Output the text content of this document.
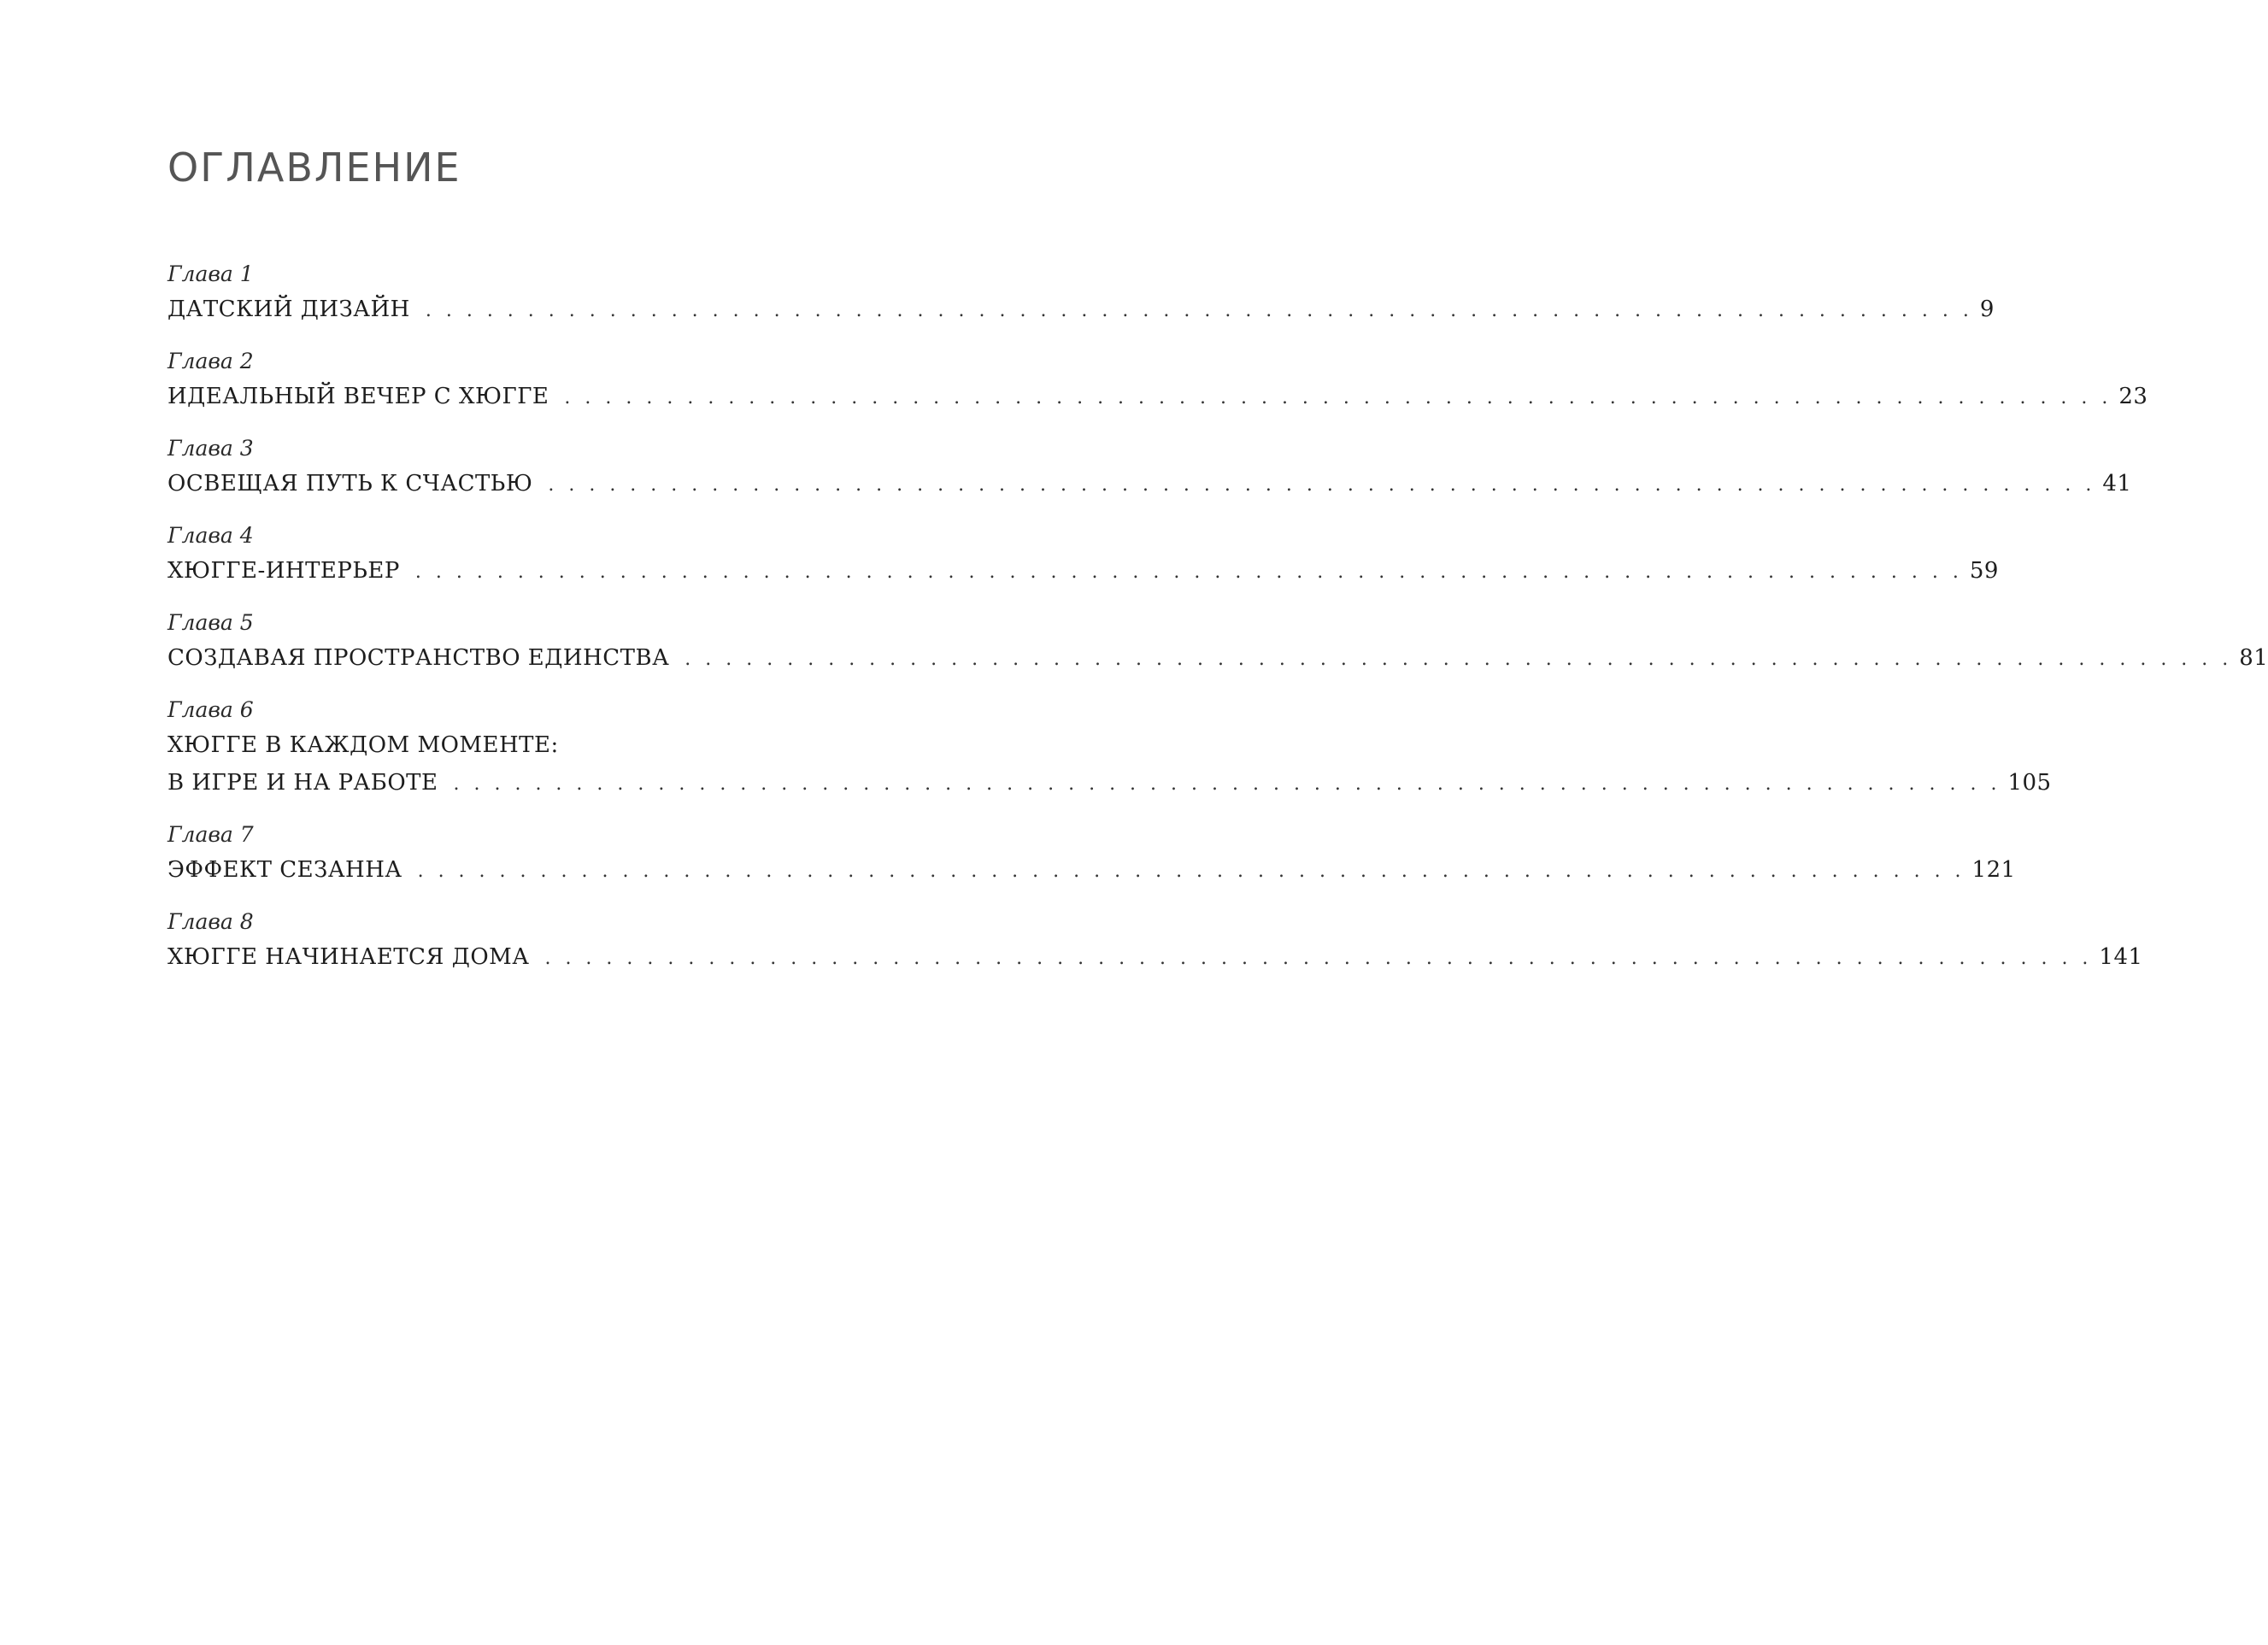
ОГЛАВЛЕНИЕ
Глава 1
ДАТСКИЙ ДИЗАЙН . . . . . . . . . . . . . . . . . . . . . . . . . . . . . . . . . . . . . . . . . . . . . . . . . . . . . . . . . . . . . . . . . . . . . . . . . . . . 9
Глава 2
ИДЕАЛЬНЫЙ ВЕЧЕР С ХЮГГЕ . . . . . . . . . . . . . . . . . . . . . . . . . . . . . . . . . . . . . . . . . . . . . . . . . . . . . . . . . . . . . . . . . . . . . . . . . . . . 23
Глава 3
ОСВЕЩАЯ ПУТЬ К СЧАСТЬЮ . . . . . . . . . . . . . . . . . . . . . . . . . . . . . . . . . . . . . . . . . . . . . . . . . . . . . . . . . . . . . . . . . . . . . . . . . . . . 41
Глава 4
ХЮГГЕ-ИНТЕРЬЕР . . . . . . . . . . . . . . . . . . . . . . . . . . . . . . . . . . . . . . . . . . . . . . . . . . . . . . . . . . . . . . . . . . . . . . . . . . . . 59
Глава 5
СОЗДАВАЯ ПРОСТРАНСТВО ЕДИНСТВА . . . . . . . . . . . . . . . . . . . . . . . . . . . . . . . . . . . . . . . . . . . . . . . . . . . . . . . . . . . . . . . . . . . . . . . . . . . . 81
Глава 6
ХЮГГЕ В КАЖДОМ МОМЕНТЕ:
В ИГРЕ И НА РАБОТЕ . . . . . . . . . . . . . . . . . . . . . . . . . . . . . . . . . . . . . . . . . . . . . . . . . . . . . . . . . . . . . . . . . . . . . . . . . . . . 105
Глава 7
ЭФФЕКТ СЕЗАННА . . . . . . . . . . . . . . . . . . . . . . . . . . . . . . . . . . . . . . . . . . . . . . . . . . . . . . . . . . . . . . . . . . . . . . . . . . . . 121
Глава 8
ХЮГГЕ НАЧИНАЕТСЯ ДОМА . . . . . . . . . . . . . . . . . . . . . . . . . . . . . . . . . . . . . . . . . . . . . . . . . . . . . . . . . . . . . . . . . . . . . . . . . . . . 141
